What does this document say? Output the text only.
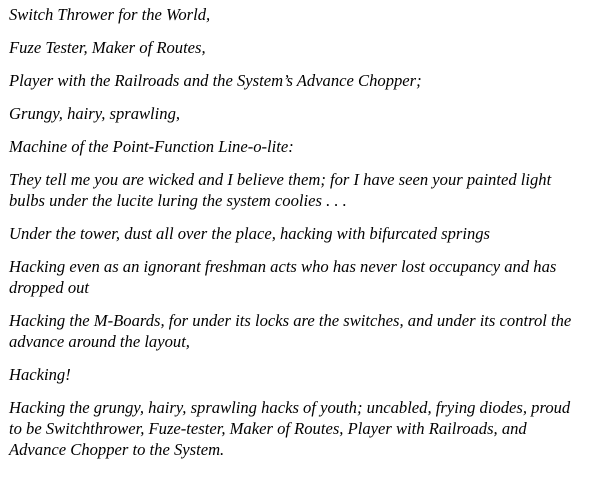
Switch Thrower for the World,

Fuze Tester, Maker of Routes,

Player with the Railroads and the System’s Advance Chopper;

Grungy, hairy, sprawling,

Machine of the Point-Function Line-o-lite:

They tell me you are wicked and I believe them; for I have seen your painted light bulbs under the lucite luring the system coolies . . .

Under the tower, dust all over the place, hacking with bifurcated springs

Hacking even as an ignorant freshman acts who has never lost occupancy and has dropped out

Hacking the M-Boards, for under its locks are the switches, and under its control the advance around the layout,

Hacking!

Hacking the grungy, hairy, sprawling hacks of youth; uncabled, frying diodes, proud to be Switchthrower, Fuze-tester, Maker of Routes, Player with Railroads, and Advance Chopper to the System.
